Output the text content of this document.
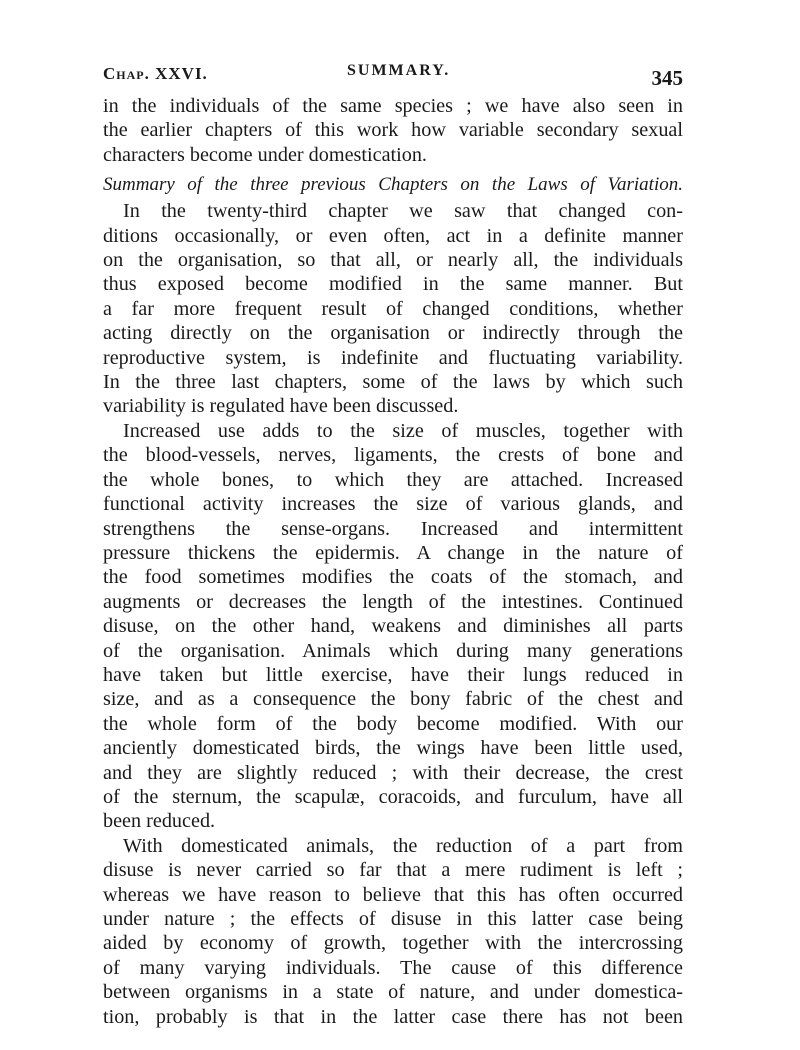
Chap. XXVI.	SUMMARY.	345
in the individuals of the same species ; we have also seen in
the earlier chapters of this work how variable secondary sexual
characters become under domestication.
Summary of the three previous Chapters on the Laws of Variation.
In the twenty-third chapter we saw that changed con-
ditions occasionally, or even often, act in a definite manner
on the organisation, so that all, or nearly all, the individuals
thus exposed become modified in the same manner. But
a far more frequent result of changed conditions, whether
acting directly on the organisation or indirectly through the
reproductive system, is indefinite and fluctuating variability.
In the three last chapters, some of the laws by which such
variability is regulated have been discussed.
Increased use adds to the size of muscles, together with
the blood-vessels, nerves, ligaments, the crests of bone and
the whole bones, to which they are attached. Increased
functional activity increases the size of various glands, and
strengthens the sense-organs. Increased and intermittent
pressure thickens the epidermis. A change in the nature of
the food sometimes modifies the coats of the stomach, and
augments or decreases the length of the intestines. Continued
disuse, on the other hand, weakens and diminishes all parts
of the organisation. Animals which during many generations
have taken but little exercise, have their lungs reduced in
size, and as a consequence the bony fabric of the chest and
the whole form of the body become modified. With our
anciently domesticated birds, the wings have been little used,
and they are slightly reduced ; with their decrease, the crest
of the sternum, the scapulæ, coracoids, and furculum, have all
been reduced.
With domesticated animals, the reduction of a part from
disuse is never carried so far that a mere rudiment is left ;
whereas we have reason to believe that this has often occurred
under nature ; the effects of disuse in this latter case being
aided by economy of growth, together with the intercrossing
of many varying individuals. The cause of this difference
between organisms in a state of nature, and under domestica-
tion, probably is that in the latter case there has not been
